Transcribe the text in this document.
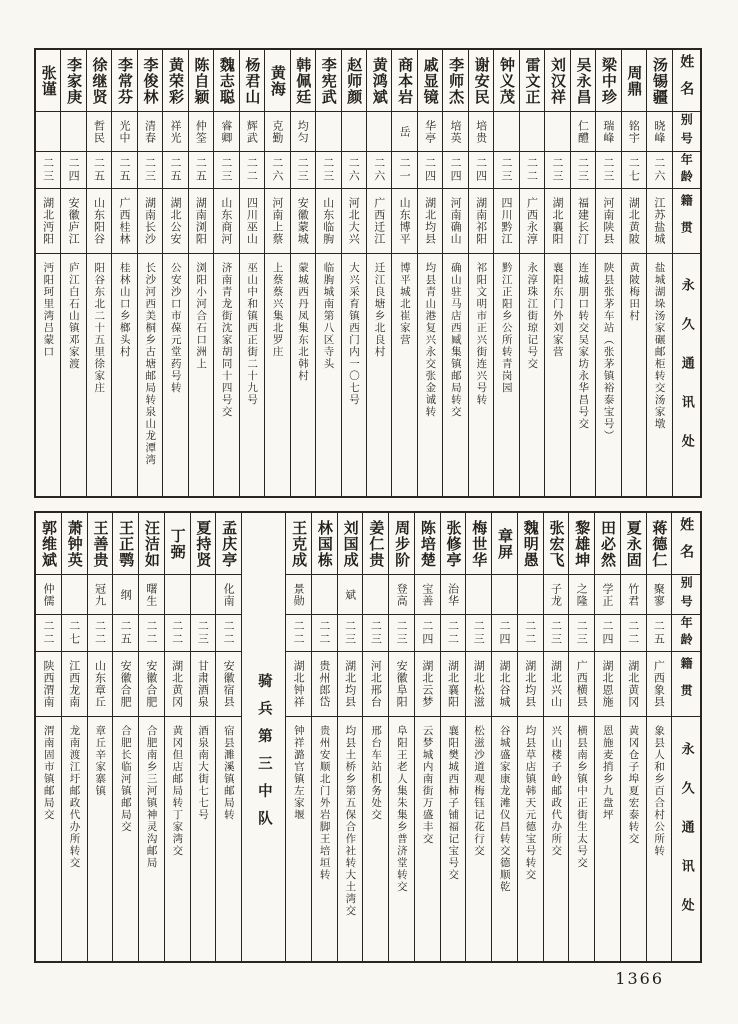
姓名
别号
年龄
籍贯
永久通讯处
汤锡疆
晓峰
二六
江苏盐城
盐城湖垛汤家碾邮柜转交汤家墩
周鼎
铭宇
二七
湖北黄陂
黄陂梅田村
梁中珍
瑞峰
二三
河南陕县
陕县张茅车站（张茅镇裕泰宝号）
吴永昌
仁醴
二三
福建长汀
连城朋口转交吴家坊永华昌号交
刘汉祥
二三
湖北襄阳
襄阳东门外刘家营
雷文正
二二
广西永淳
永淳珠江街琼记号交
钟义茂
二三
四川黔江
黔江正阳乡公所转青岗园
谢安民
培贵
二四
湖南祁阳
祁阳文明市正兴街连兴号转
李师杰
培英
二四
河南确山
确山驻马店西臧集镇邮局转交
戚显镜
华亭
二四
湖北均县
均县青山港复兴永交张金诚转
商本岩
岳
二一
山东博平
博平城北崔家营
黄鸿斌
二六
广西迁江
迁江良塘乡北良村
赵师颜
二六
河北大兴
大兴采育镇西门内一〇七号
李宪武
二三
山东临朐
临朐城南第八区寺头
韩佩廷
均匀
二三
安徽蒙城
蒙城西丹凤集东北韩村
黄海
克勤
二六
河南上蔡
上蔡蔡兴集北罗庄
杨君山
辉武
二二
四川巫山
巫山中和镇西正街二十九号
魏志聪
睿卿
二三
山东商河
济南青龙街沈家胡同十四号交
陈自颖
仲筌
二五
湖南浏阳
浏阳小河合石口洲上
黄荣彩
祥光
二五
湖北公安
公安沙口市葆元堂药号转
李俊林
清春
二三
湖南长沙
长沙河西美桐乡古塘邮局转泉山龙潭湾
李常芬
光中
二五
广西桂林
桂林山口乡榔头村
徐继贤
哲民
二五
山东阳谷
阳谷东北二十五里徐家庄
李家庚
二四
安徽庐江
庐江白石山镇邓家渡
张谨
二三
湖北沔阳
沔阳珂里湾吕蒙口
姓名
别号
年龄
籍贯
永久通讯处
蒋德仁
聚寥
二五
广西象县
象县人和乡百合村公所转
夏永固
竹君
二二
湖北黄冈
黄冈仓子埠夏宏泰转交
田必然
学正
二四
湖北恩施
恩施麦捎乡九盘坪
黎雄坤
之隆
二三
广西横县
横县南乡镇中正街生太号交
张宏飞
子龙
二三
湖北兴山
兴山楼子岭邮政代办所交
魏明愚
二二
湖北均县
均县草店镇韩天元德宝号转交
章屏
二四
湖北谷城
谷城盛家康龙滩仪昌转交德顺乾
梅世华
二三
湖北松滋
松滋沙道观梅钰记花行交
张修亭
治华
二二
湖北襄阳
襄阳樊城西柿子铺福记宝号交
陈培楚
宝善
二四
湖北云梦
云梦城内南街万盛丰交
周步阶
登高
二三
安徽阜阳
阜阳王老人集朱集乡普济堂转交
姜仁贵
二三
河北邢台
邢台车站机务处交
刘国成
斌
二三
湖北均县
均县土桥乡第五保合作社转大土湾交
林国栋
二二
贵州郎岱
贵州安顺北门外岩脚王培垣转
王克成
景勋
二二
湖北钟祥
钟祥潞官镇左家堰
骑兵第三中队
孟庆亭
化南
二二
安徽宿县
宿县濉溪镇邮局转
夏持贤
二三
甘肃酒泉
酒泉南大街七七号
丁弼
二二
湖北黄冈
黄冈但店邮局转丁家湾交
汪洁如
曙生
二二
安徽合肥
合肥南乡三河镇神灵沟邮局
王正鹗
纲
二五
安徽合肥
合肥长临河镇邮局交
王善贵
冠九
二二
山东章丘
章丘辛家寨镇
萧钟英
二七
江西龙南
龙南渡江圩邮政代办所转交
郭维斌
仲儒
二二
陕西渭南
渭南固市镇邮局交
1366
